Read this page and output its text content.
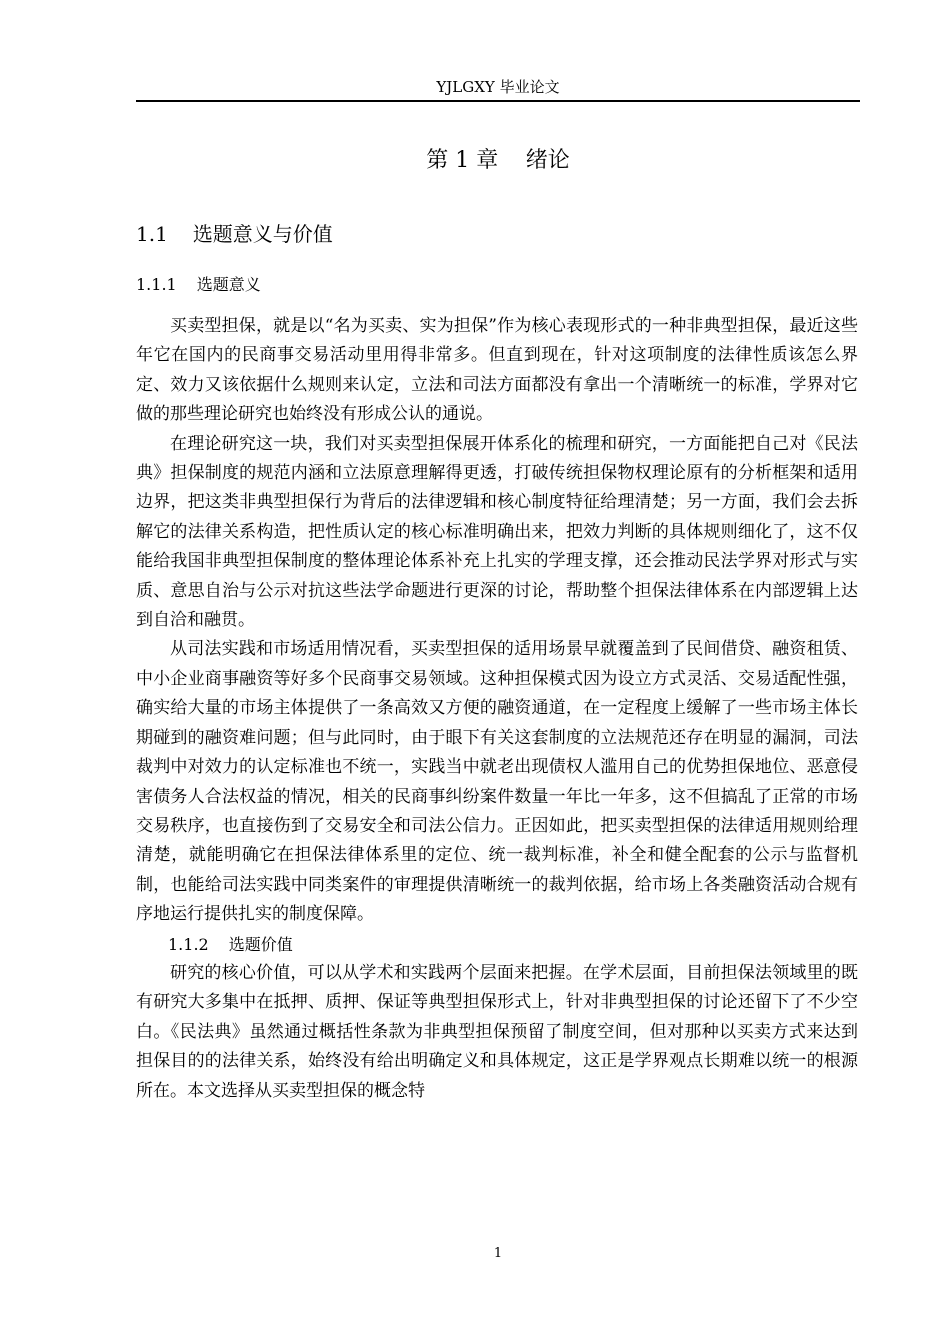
YJLGXY 毕业论文
第 1 章 绪论
1.1 选题意义与价值
1.1.1 选题意义

买卖型担保，就是以“名为买卖、实为担保”作为核心表现形式的一种非典型担保，最近这些年它在国内的民商事交易活动里用得非常多。但直到现在，针对这项制度的法律性质该怎么界定、效力又该依据什么规则来认定，立法和司法方面都没有拿出一个清晰统一的标准，学界对它做的那些理论研究也始终没有形成公认的通说。

在理论研究这一块，我们对买卖型担保展开体系化的梳理和研究，一方面能把自己对《民法典》担保制度的规范内涵和立法原意理解得更透，打破传统担保物权理论原有的分析框架和适用边界，把这类非典型担保行为背后的法律逻辑和核心制度特征给理清楚；另一方面，我们会去拆解它的法律关系构造，把性质认定的核心标准明确出来，把效力判断的具体规则细化了，这不仅能给我国非典型担保制度的整体理论体系补充上扎实的学理支撑，还会推动民法学界对形式与实质、意思自治与公示对抗这些法学命题进行更深的讨论，帮助整个担保法律体系在内部逻辑上达到自洽和融贯。

从司法实践和市场适用情况看，买卖型担保的适用场景早就覆盖到了民间借贷、融资租赁、中小企业商事融资等好多个民商事交易领域。这种担保模式因为设立方式灵活、交易适配性强，确实给大量的市场主体提供了一条高效又方便的融资通道，在一定程度上缓解了一些市场主体长期碰到的融资难问题；但与此同时，由于眼下有关这套制度的立法规范还存在明显的漏洞，司法裁判中对效力的认定标准也不统一，实践当中就老出现债权人滥用自己的优势担保地位、恶意侵害债务人合法权益的情况，相关的民商事纠纷案件数量一年比一年多，这不但搞乱了正常的市场交易秩序，也直接伤到了交易安全和司法公信力。正因如此，把买卖型担保的法律适用规则给理清楚，就能明确它在担保法律体系里的定位、统一裁判标准，补全和健全配套的公示与监督机制，也能给司法实践中同类案件的审理提供清晰统一的裁判依据，给市场上各类融资活动合规有序地运行提供扎实的制度保障。

1.1.2 选题价值

研究的核心价值，可以从学术和实践两个层面来把握。在学术层面，目前担保法领域里的既有研究大多集中在抵押、质押、保证等典型担保形式上，针对非典型担保的讨论还留下了不少空白。《民法典》虽然通过概括性条款为非典型担保预留了制度空间，但对那种以买卖方式来达到担保目的的法律关系，始终没有给出明确定义和具体规定，这正是学界观点长期难以统一的根源所在。本文选择从买卖型担保的概念特

1
